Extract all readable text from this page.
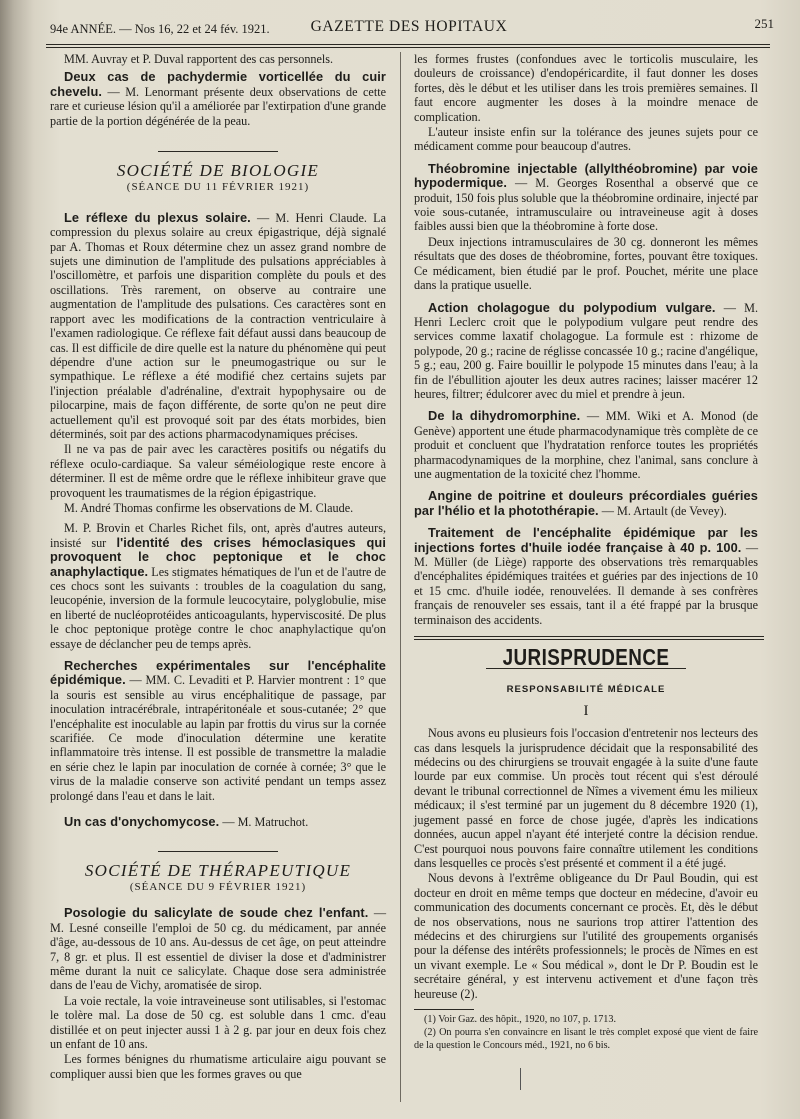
94e ANNÉE. — Nos 16, 22 et 24 fév. 1921.	GAZETTE DES HOPITAUX	251

MM. Auvray et P. Duval rapportent des cas personnels.

Deux cas de pachydermie vorticellée du cuir chevelu. — M. Lenormant présente deux observations de cette rare et curieuse lésion qu'il a améliorée par l'extirpation d'une grande partie de la portion dégénérée de la peau.

SOCIÉTÉ DE BIOLOGIE

(SÉANCE DU 11 FÉVRIER 1921)

Le réflexe du plexus solaire. — M. Henri Claude. La compression du plexus solaire au creux épigastrique, déjà signalé par A. Thomas et Roux détermine chez un assez grand nombre de sujets une diminution de l'amplitude des pulsations appréciables à l'oscillomètre, et parfois une disparition complète du pouls et des oscillations. Très rarement, on observe au contraire une augmentation de l'amplitude des pulsations. Ces caractères sont en rapport avec les modifications de la contraction ventriculaire à l'examen radiologique. Ce réflexe fait défaut aussi dans beaucoup de cas. Il est difficile de dire quelle est la nature du phénomène qui peut dépendre d'une action sur le pneumogastrique ou sur le sympathique. Le réflexe a été modifié chez certains sujets par l'injection préalable d'adrénaline, d'extrait hypophysaire ou de pilocarpine, mais de façon différente, de sorte qu'on ne peut dire actuellement qu'il est provoqué soit par des états morbides, bien déterminés, soit par des actions pharmacodynamiques précises.

Il ne va pas de pair avec les caractères positifs ou négatifs du réflexe oculo-cardiaque. Sa valeur séméiologique reste encore à déterminer. Il est de même ordre que le réflexe inhibiteur grave que provoquent les traumatismes de la région épigastrique.

M. André Thomas confirme les observations de M. Claude.

M. P. Brovin et Charles Richet fils, ont, après d'autres auteurs, insisté sur l'identité des crises hémoclasiques qui provoquent le choc peptonique et le choc anaphylactique. Les stigmates hématiques de l'un et de l'autre de ces chocs sont les suivants : troubles de la coagulation du sang, leucopénie, inversion de la formule leucocytaire, polyglobulie, mise en liberté de nucléoprotéides anticoagulants, hyperviscosité. De plus le choc peptonique protège contre le choc anaphylactique qu'on essaye de déclancher peu de temps après.

Recherches expérimentales sur l'encéphalite épidémique. — MM. C. Levaditi et P. Harvier montrent : 1° que la souris est sensible au virus encéphalitique de passage, par inoculation intracérébrale, intrapéritonéale et sous-cutanée; 2° que l'encéphalite est inoculable au lapin par frottis du virus sur la cornée scarifiée. Ce mode d'inoculation détermine une keratite inflammatoire très intense. Il est possible de transmettre la maladie en série chez le lapin par inoculation de cornée à cornée; 3° que le virus de la maladie conserve son activité pendant un temps assez prolongé dans l'eau et dans le lait.

Un cas d'onychomycose. — M. Matruchot.

SOCIÉTÉ DE THÉRAPEUTIQUE

(SÉANCE DU 9 FÉVRIER 1921)

Posologie du salicylate de soude chez l'enfant. — M. Lesné conseille l'emploi de 50 cg. du médicament, par année d'âge, au-dessous de 10 ans. Au-dessus de cet âge, on peut atteindre 7, 8 gr. et plus. Il est essentiel de diviser la dose et d'administrer même durant la nuit ce salicylate. Chaque dose sera administrée dans de l'eau de Vichy, aromatisée de sirop.

La voie rectale, la voie intraveineuse sont utilisables, si l'estomac le tolère mal. La dose de 50 cg. est soluble dans 1 cmc. d'eau distillée et on peut injecter aussi 1 à 2 g. par jour en deux fois chez un enfant de 10 ans.

Les formes bénignes du rhumatisme articulaire aigu pouvant se compliquer aussi bien que les formes graves ou que

les formes frustes (confondues avec le torticolis musculaire, les douleurs de croissance) d'endopéricardite, il faut donner les doses fortes, dès le début et les utiliser dans les trois premières semaines. Il faut encore augmenter les doses à la moindre menace de complication.

L'auteur insiste enfin sur la tolérance des jeunes sujets pour ce médicament comme pour beaucoup d'autres.

Théobromine injectable (allylthéobromine) par voie hypodermique. — M. Georges Rosenthal a observé que ce produit, 150 fois plus soluble que la théobromine ordinaire, injecté par voie sous-cutanée, intramusculaire ou intraveineuse agit à doses faibles aussi bien que la théobromine à forte dose.

Deux injections intramusculaires de 30 cg. donneront les mêmes résultats que des doses de théobromine, fortes, pouvant être toxiques. Ce médicament, bien étudié par le prof. Pouchet, mérite une place dans la pratique usuelle.

Action cholagogue du polypodium vulgare. — M. Henri Leclerc croit que le polypodium vulgare peut rendre des services comme laxatif cholagogue. La formule est : rhizome de polypode, 20 g.; racine de réglisse concassée 10 g.; racine d'angélique, 5 g.; eau, 200 g. Faire bouillir le polypode 15 minutes dans l'eau; à la fin de l'ébullition ajouter les deux autres racines; laisser macérer 12 heures, filtrer; édulcorer avec du miel et prendre à jeun.

De la dihydromorphine. — MM. Wiki et A. Monod (de Genève) apportent une étude pharmacodynamique très complète de ce produit et concluent que l'hydratation renforce toutes les propriétés pharmacodynamiques de la morphine, chez l'animal, sans conclure à une augmentation de la toxicité chez l'homme.

Angine de poitrine et douleurs précordiales guéries par l'hélio et la photothérapie. — M. Artault (de Vevey).

Traitement de l'encéphalite épidémique par les injections fortes d'huile iodée française à 40 p. 100. — M. Müller (de Liège) rapporte des observations très remarquables d'encéphalites épidémiques traitées et guéries par des injections de 10 et 15 cmc. d'huile iodée, renouvelées. Il demande à ses confrères français de renouveler ses essais, tant il a été frappé par la brusque terminaison des accidents.

JURISPRUDENCE

RESPONSABILITÉ MÉDICALE

I

Nous avons eu plusieurs fois l'occasion d'entretenir nos lecteurs des cas dans lesquels la jurisprudence décidait que la responsabilité des médecins ou des chirurgiens se trouvait engagée à la suite d'une faute lourde par eux commise. Un procès tout récent qui s'est déroulé devant le tribunal correctionnel de Nîmes a vivement ému les milieux médicaux; il s'est terminé par un jugement du 8 décembre 1920 (1), jugement passé en force de chose jugée, d'après les indications données, aucun appel n'ayant été interjeté contre la décision rendue. C'est pourquoi nous pouvons faire connaître utilement les conditions dans lesquelles ce procès s'est présenté et comment il a été jugé.

Nous devons à l'extrême obligeance du Dr Paul Boudin, qui est docteur en droit en même temps que docteur en médecine, d'avoir eu communication des documents concernant ce procès. Et, dès le début de nos observations, nous ne saurions trop attirer l'attention des médecins et des chirurgiens sur l'utilité des groupements organisés pour la défense des intérêts professionnels; le procès de Nîmes en est un vivant exemple. Le « Sou médical », dont le Dr P. Boudin est le secrétaire général, y est intervenu activement et d'une façon très heureuse (2).

(1) Voir Gaz. des hôpit., 1920, no 107, p. 1713.

(2) On pourra s'en convaincre en lisant le très complet exposé que vient de faire de la question le Concours méd., 1921, no 6 bis.
